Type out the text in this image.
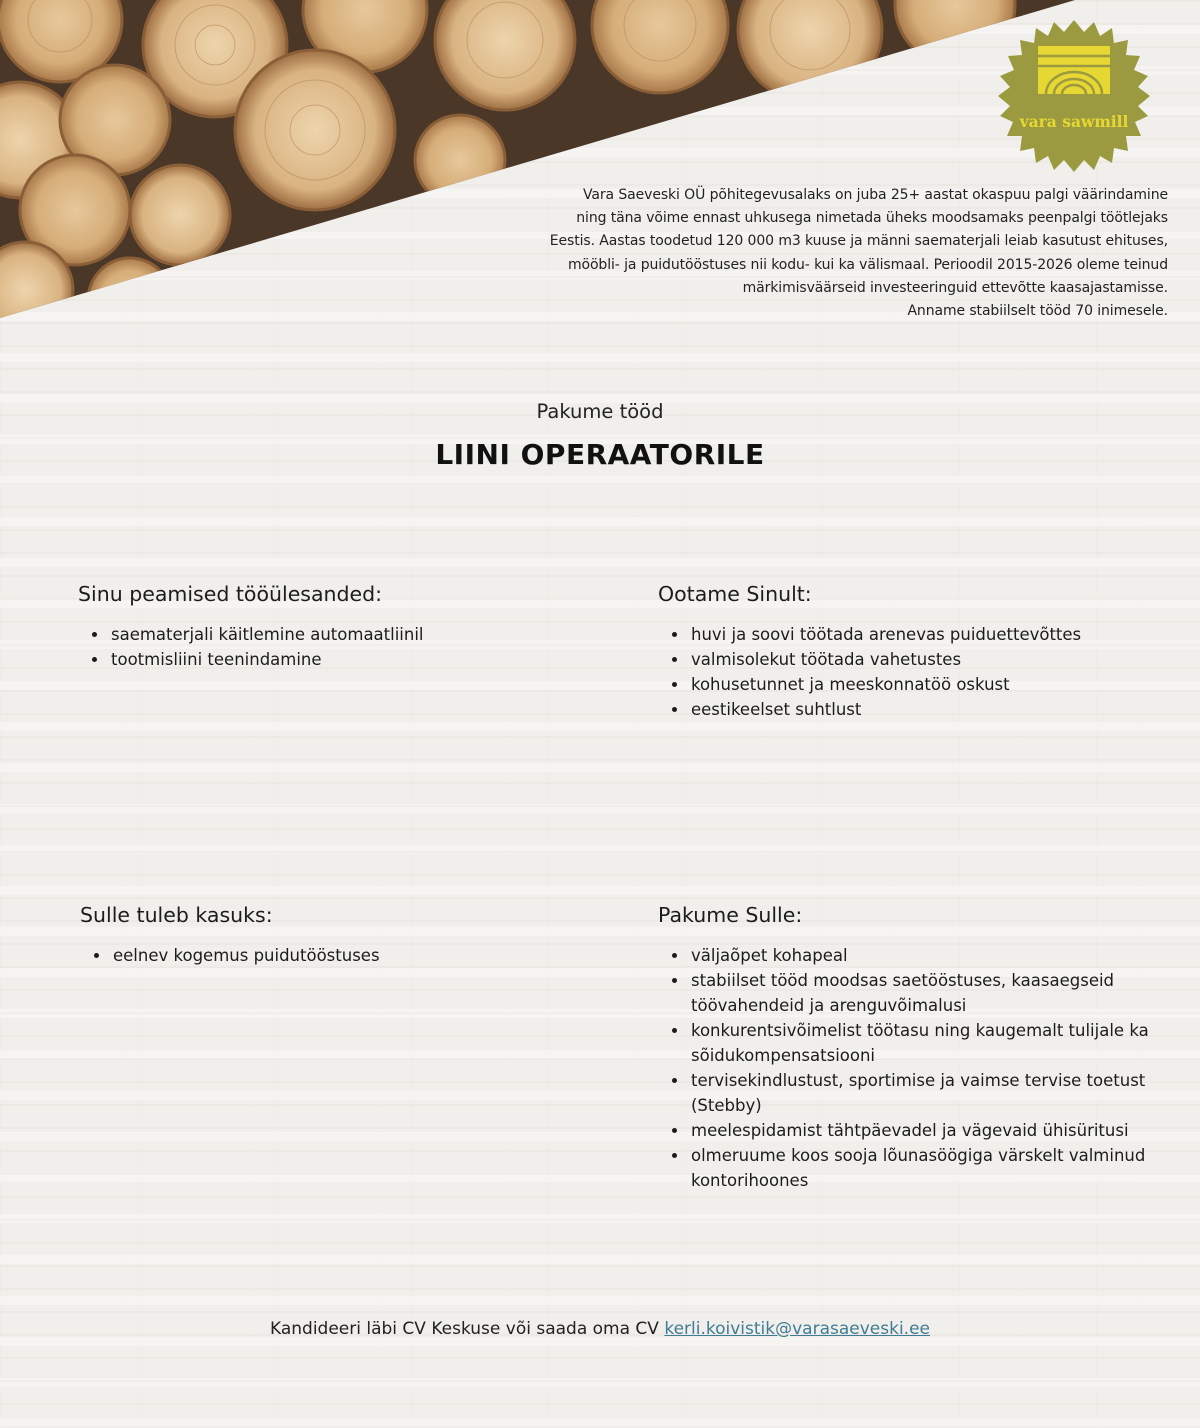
vara sawmill
Vara Saeveski OÜ põhitegevusalaks on juba 25+ aastat okaspuu palgi väärindamine
ning täna võime ennast uhkusega nimetada üheks moodsamaks peenpalgi töötlejaks
Eestis. Aastas toodetud 120 000 m3 kuuse ja männi saematerjali leiab kasutust ehituses,
mööbli- ja puidutööstuses nii kodu- kui ka välismaal. Perioodil 2015-2026 oleme teinud
märkimisväärseid investeeringuid ettevõtte kaasajastamisse.
Anname stabiilselt tööd 70 inimesele.
Pakume tööd
LIINI OPERAATORILE
Sinu peamised tööülesanded:
• saematerjali käitlemine automaatliinil
• tootmisliini teenindamine
Ootame Sinult:
• huvi ja soovi töötada arenevas puiduettevõttes
• valmisolekut töötada vahetustes
• kohusetunnet ja meeskonnatöö oskust
• eestikeelset suhtlust
Sulle tuleb kasuks:
• eelnev kogemus puidutööstuses
Pakume Sulle:
• väljaõpet kohapeal
• stabiilset tööd moodsas saetööstuses, kaasaegseid töövahendeid ja arenguvõimalusi
• konkurentsivõimelist töötasu ning kaugemalt tulijale ka sõidukompensatsiooni
• tervisekindlustust, sportimise ja vaimse tervise toetust (Stebby)
• meelespidamist tähtpäevadel ja vägevaid ühisüritusi
• olmeruume koos sooja lõunasöögiga värskelt valminud kontorihoones
Kandideeri läbi CV Keskuse või saada oma CV kerli.koivistik@varasaeveski.ee
